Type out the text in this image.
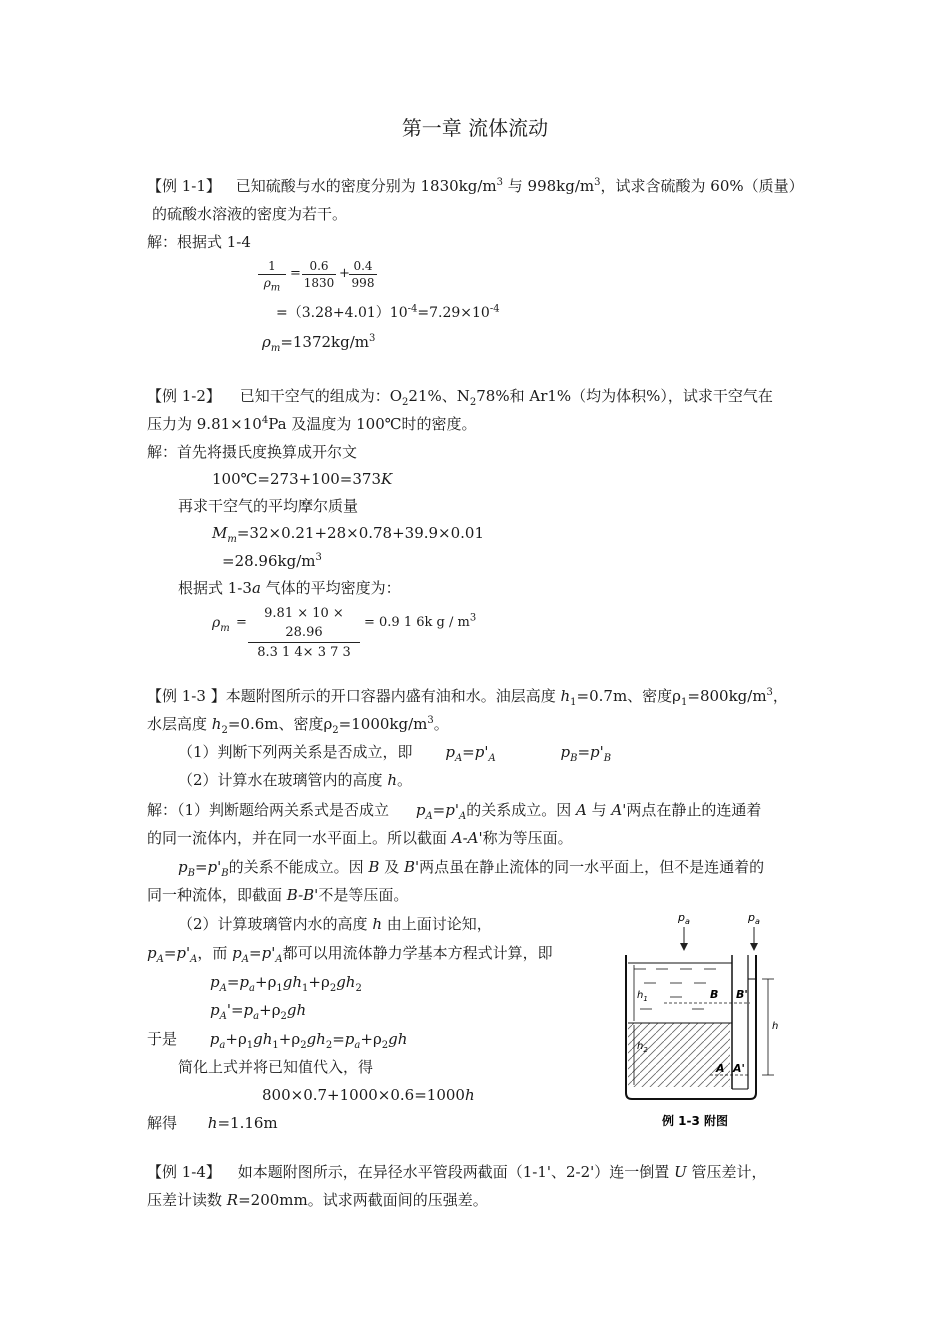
第一章 流体流动
【例 1-1】 已知硫酸与水的密度分别为 $1830kg/m^3$ 与 $998kg/m^3$，试求含硫酸为 60%（质量）
的硫酸水溶液的密度为若干。
解：根据式 1-4
$\frac{1}{\rho_m} = \frac{0.6}{1830} + \frac{0.4}{998}$
$=(3.28+4.01)10^{-4}=7.29\times 10^{-4}$
$\rho_m=1372kg/m^3$
【例 1-2】 已知干空气的组成为：$O_221\%$、$N_278\%$和 Ar1%（均为体积%），试求干空气在
压力为 $9.81\times 10^4Pa$ 及温度为 100℃时的密度。
解：首先将摄氏度换算成开尔文
100℃=273+100=373K
再求干空气的平均摩尔质量
$M_m=32\times 0.21+28\times 0.78+39.9\times 0.01$
$=28.96kg/m^3$
根据式 1-3a 气体的平均密度为：
$\rho_m = \frac{9.81 \times 10 \times 28.96}{8.3 1 4\times 3 7 3} = 0.9$ 1 6k g / $m^3$
【例 1-3 】本题附图所示的开口容器内盛有油和水。油层高度 $h_1=0.7m$、密度$\rho_1=800kg/m^3$，
水层高度 $h_2=0.6m$、密度$\rho_2=1000kg/m^3$。
（1）判断下列两关系是否成立，即 $p_A=p'_A$	$p_B=p'_B$
（2）计算水在玻璃管内的高度 h。
解：（1）判断题给两关系式是否成立 $p_A=p'_A$的关系成立。因 A 与 A'两点在静止的连通着
的同一流体内，并在同一水平面上。所以截面 A-A'称为等压面。
$p_B=p'_B$的关系不能成立。因 B 及 B'两点虽在静止流体的同一水平面上，但不是连通着的
同一种流体，即截面 B-B'不是等压面。
（2）计算玻璃管内水的高度 h 由上面讨论知，
$p_A=p'_A$，而 $p_A=p'_A$都可以用流体静力学基本方程式计算，即
$p_A=p_a+\rho_1gh_1+\rho_2gh_2$
$p_A'=p_a+\rho_2gh$
于是 $p_a+\rho_1gh_1+\rho_2gh_2=p_a+\rho_2gh$
简化上式并将已知值代入，得
800×0.7+1000×0.6=1000h
解得 h=1.16m
$p_a$	$p_a$
$h_1$
$h_2$
h
B B'
A A'
例 1-3 附图
【例 1-4】 如本题附图所示，在异径水平管段两截面（1-1'、2-2'）连一倒置 U 管压差计，
压差计读数 R=200mm。试求两截面间的压强差。
